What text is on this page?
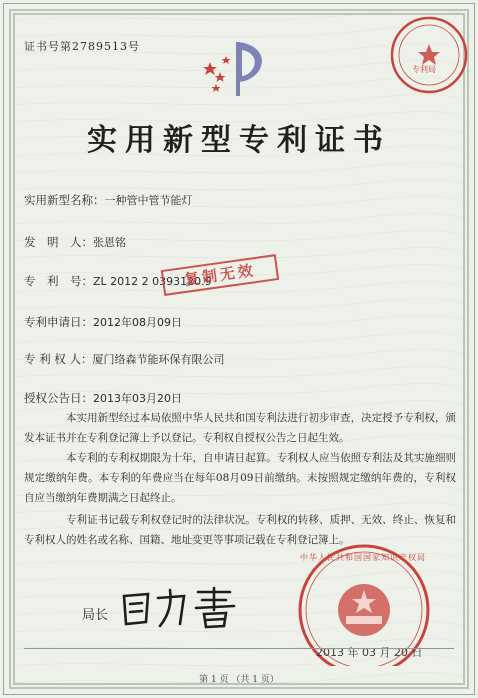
证书号第2789513号
专利局
实用新型专利证书
实用新型名称：一种管中管节能灯
发　明　人：张恩铭
专　利　号：ZL 2012 2 0393120.9
专利申请日：2012年08月09日
专 利 权 人：厦门络森节能环保有限公司
授权公告日：2013年03月20日
复制无效
本实用新型经过本局依照中华人民共和国专利法进行初步审查，决定授予专利权，颁发本证书并在专利登记簿上予以登记。专利权自授权公告之日起生效。
本专利的专利权期限为十年，自申请日起算。专利权人应当依照专利法及其实施细则规定缴纳年费。本专利的年费应当在每年08月09日前缴纳。未按照规定缴纳年费的，专利权自应当缴纳年费期满之日起终止。
专利证书记载专利权登记时的法律状况。专利权的转移、质押、无效、终止、恢复和专利权人的姓名或名称、国籍、地址变更等事项记载在专利登记簿上。
局长
中华人民共和国国家知识产权局
2013 年 03 月 20 日
第 1 页 （共 1 页）
